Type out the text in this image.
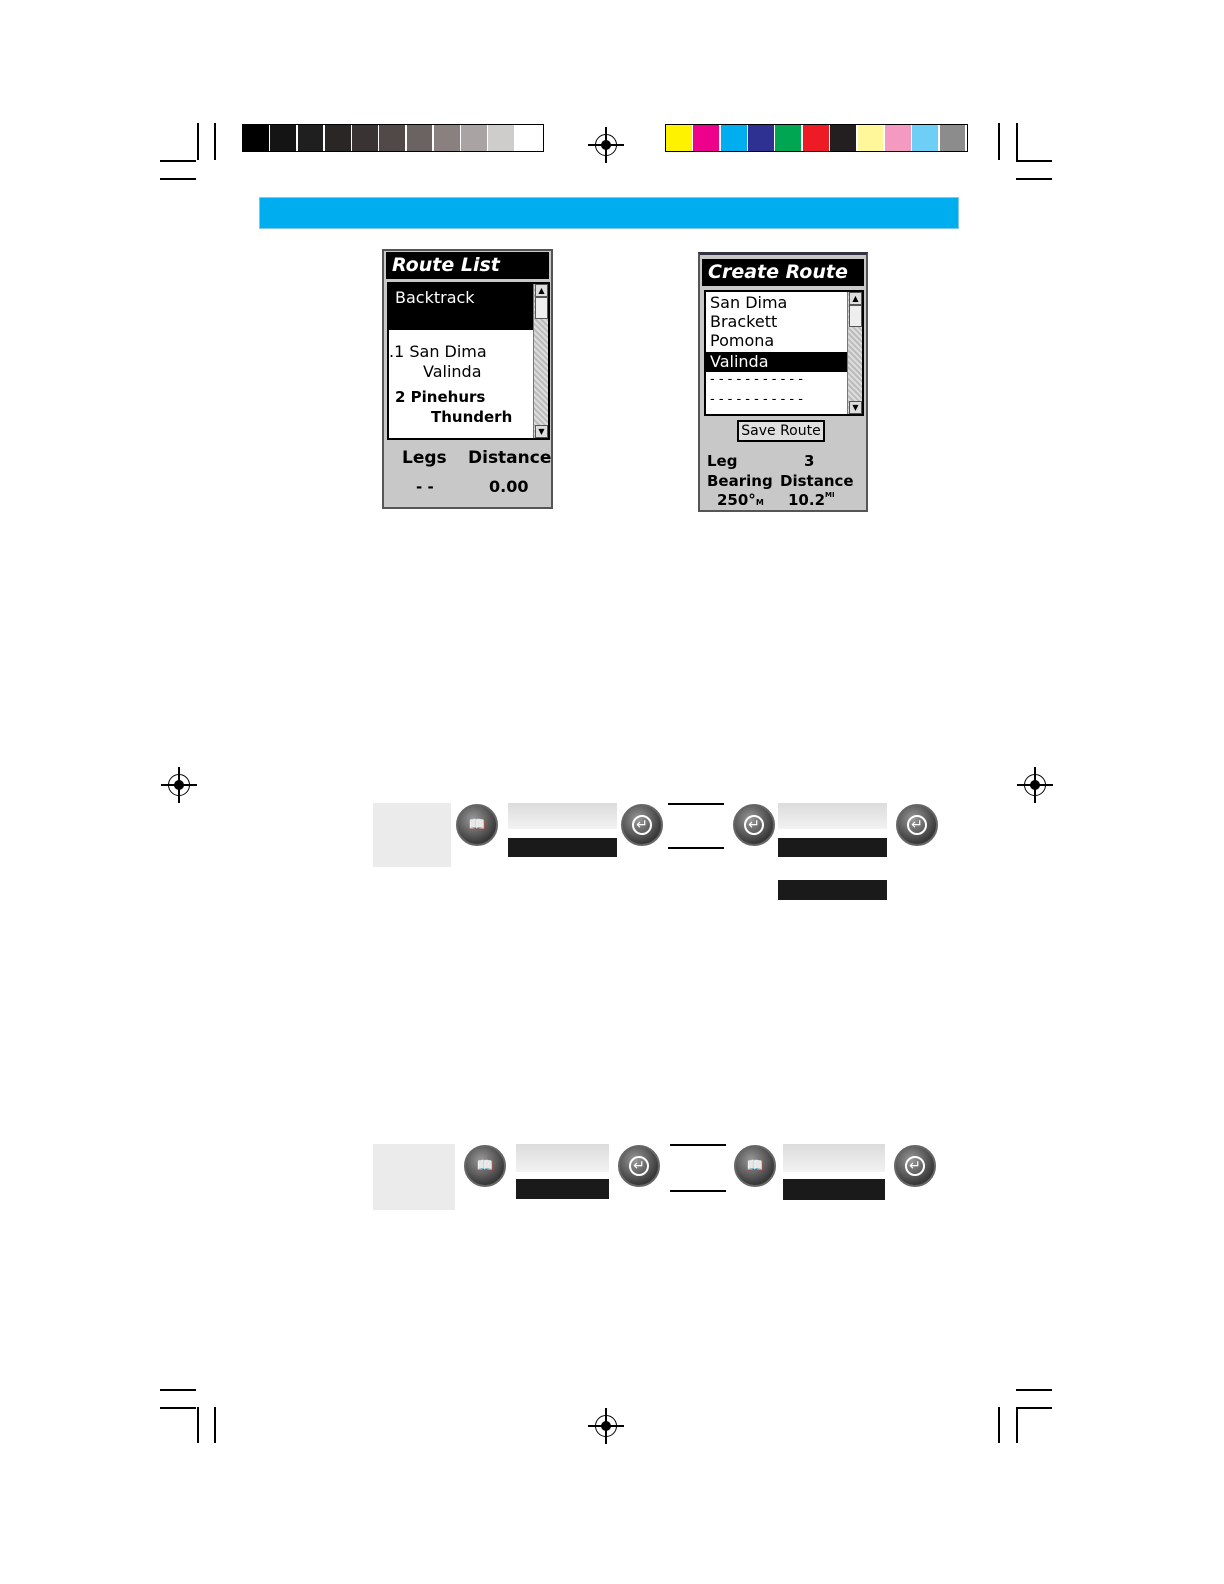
Route List
Backtrack
.1 San Dima
Valinda
2 Pinehurs
Thunderh
▲
▼
Legs Distance
- -	0.00
Create Route
San Dima
Brackett
Pomona
Valinda
- - - - - - - - - - -
- - - - - - - - - - -
▲
▼
Save Route
Leg	3
Bearing Distance
250°M $10.2^{MI}$
📖	↵	↵	↵
📖	↵	📖	↵
